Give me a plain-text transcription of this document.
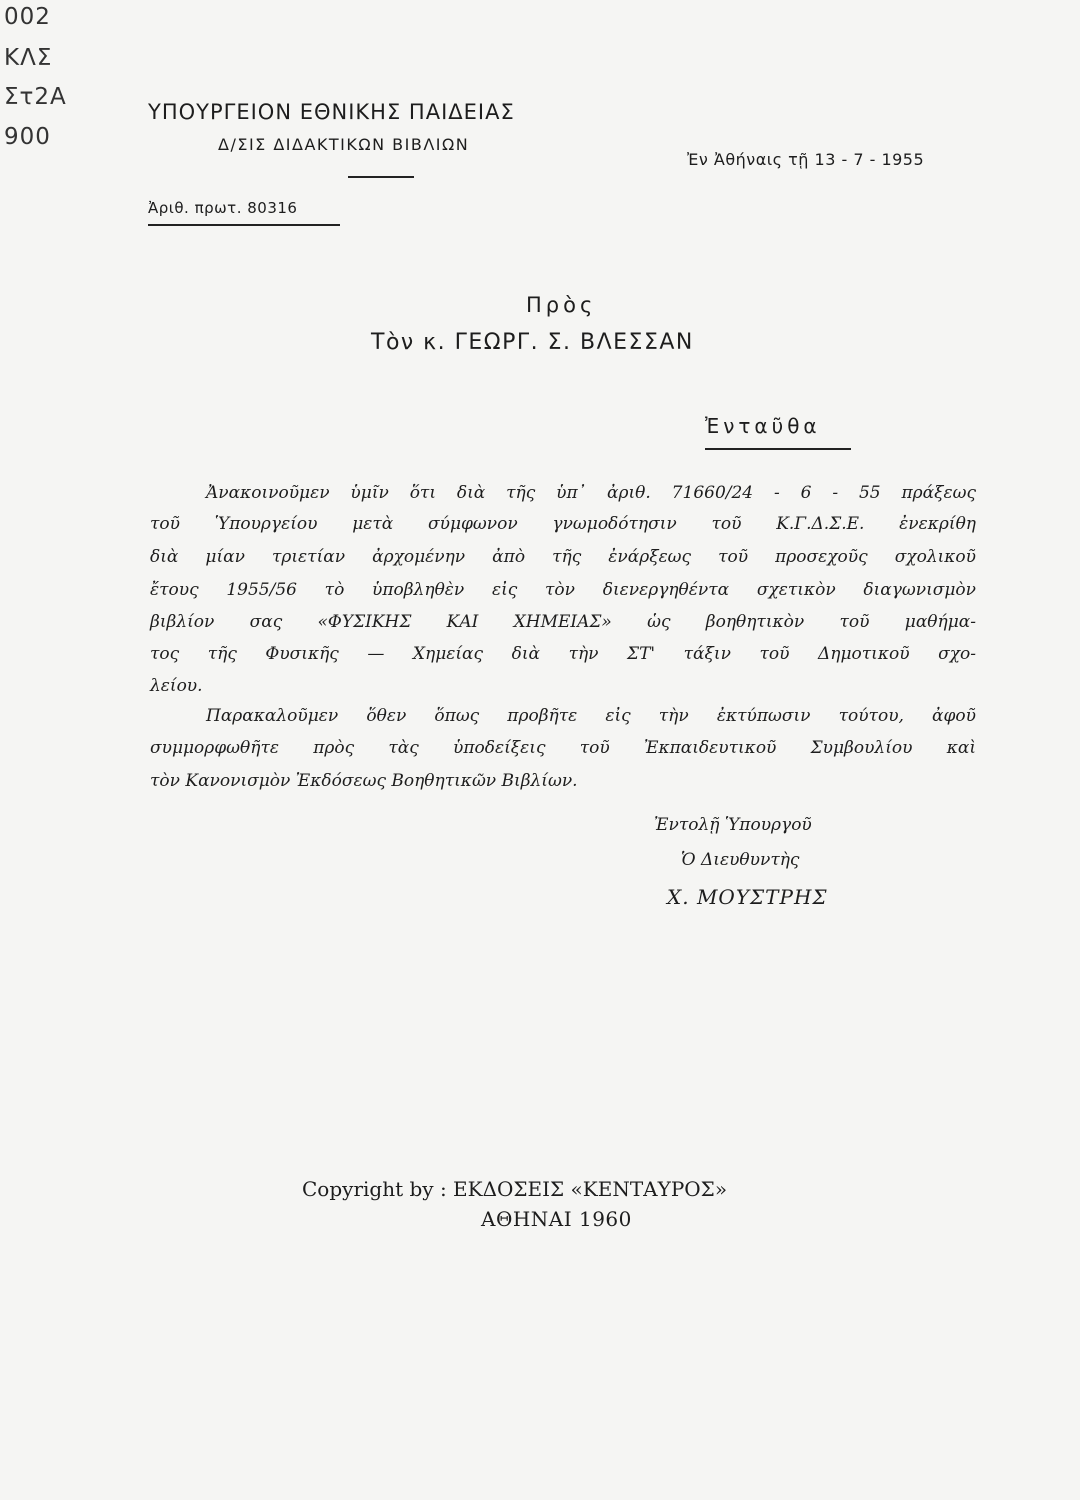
002
ΚΛΣ
Στ2Α
900
ΥΠΟΥΡΓΕΙΟΝ ΕΘΝΙΚΗΣ ΠΑΙΔΕΙΑΣ
Δ/ΣΙΣ ΔΙΔΑΚΤΙΚΩΝ ΒΙΒΛΙΩΝ
Ἐν Ἀθήναις τῇ 13 - 7 - 1955
Ἀριθ. πρωτ. 80316
Πρὸς
Τὸν κ. ΓΕΩΡΓ. Σ. ΒΛΕΣΣΑΝ
Ἐνταῦθα
Ἀνακοινοῦμεν ὑμῖν ὅτι διὰ τῆς ὑπ᾽ ἀριθ. 71660/24 - 6 - 55 πράξεως
τοῦ Ὑπουργείου μετὰ σύμφωνον γνωμοδότησιν τοῦ Κ.Γ.Δ.Σ.Ε. ἐνεκρίθη
διὰ μίαν τριετίαν ἀρχομένην ἀπὸ τῆς ἐνάρξεως τοῦ προσεχοῦς σχολικοῦ
ἔτους 1955/56 τὸ ὑποβληθὲν εἰς τὸν διενεργηθέντα σχετικὸν διαγωνισμὸν
βιβλίον σας «ΦΥΣΙΚΗΣ ΚΑΙ ΧΗΜΕΙΑΣ» ὡς βοηθητικὸν τοῦ μαθήμα-
τος τῆς Φυσικῆς — Χημείας διὰ τὴν ΣΤ' τάξιν τοῦ Δημοτικοῦ σχο-
λείου.
Παρακαλοῦμεν ὅθεν ὅπως προβῆτε εἰς τὴν ἐκτύπωσιν τούτου, ἀφοῦ
συμμορφωθῆτε πρὸς τὰς ὑποδείξεις τοῦ Ἐκπαιδευτικοῦ Συμβουλίου καὶ
τὸν Κανονισμὸν Ἐκδόσεως Βοηθητικῶν Βιβλίων.
Ἐντολῇ Ὑπουργοῦ
Ὁ Διευθυντὴς
Χ. ΜΟΥΣΤΡΗΣ
Copyright by : ΕΚΔΟΣΕΙΣ «ΚΕΝΤΑΥΡΟΣ»
ΑΘΗΝΑΙ 1960
